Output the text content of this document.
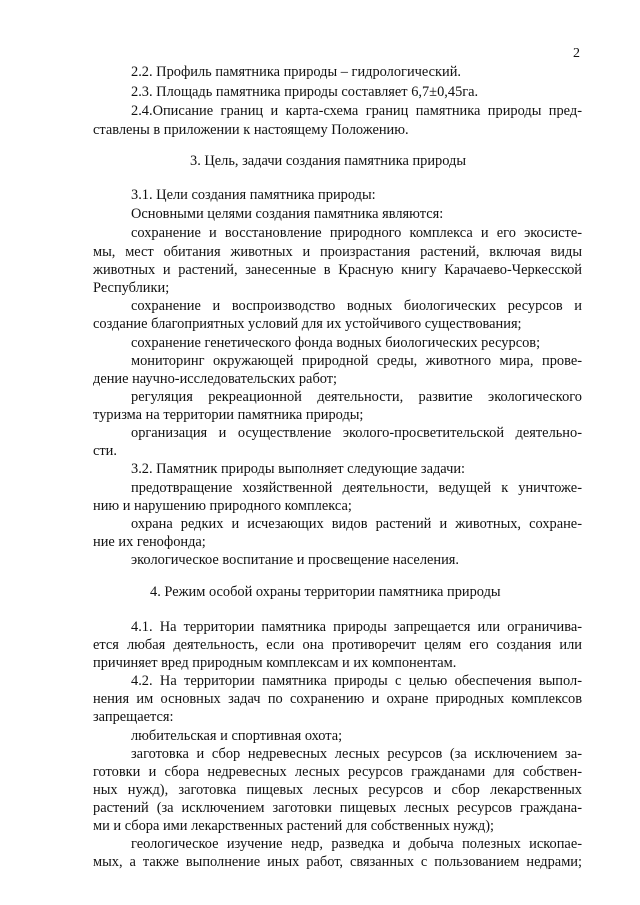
2

2.2. Профиль памятника природы – гидрологический.

2.3. Площадь памятника природы составляет 6,7±0,45га.

2.4.Описание границ и карта-схема границ памятника природы пред-

ставлены в приложении к настоящему Положению.

3. Цель, задачи создания памятника природы

3.1. Цели создания памятника природы:

Основными целями создания памятника являются:

сохранение и восстановление природного комплекса и его экосисте-

мы, мест обитания животных и произрастания растений, включая виды

животных и растений, занесенные в Красную книгу Карачаево-Черкесской

Республики;

сохранение и воспроизводство водных биологических ресурсов и

создание благоприятных условий для их устойчивого существования;

сохранение генетического фонда водных биологических ресурсов;

мониторинг окружающей природной среды, животного мира, прове-

дение научно-исследовательских работ;

регуляция рекреационной деятельности, развитие экологического

туризма на территории памятника природы;

организация и осуществление эколого-просветительской деятельно-

сти.

3.2. Памятник природы выполняет следующие задачи:

предотвращение хозяйственной деятельности, ведущей к уничтоже-

нию и нарушению природного комплекса;

охрана редких и исчезающих видов растений и животных, сохране-

ние их генофонда;

экологическое воспитание и просвещение населения.

4. Режим особой охраны территории памятника природы

4.1. На территории памятника природы запрещается или ограничива-

ется любая деятельность, если она противоречит целям его создания или

причиняет вред природным комплексам и их компонентам.

4.2. На территории памятника природы с целью обеспечения выпол-

нения им основных задач по сохранению и охране природных комплексов

запрещается:

любительская и спортивная охота;

заготовка и сбор недревесных лесных ресурсов (за исключением за-

готовки и сбора недревесных лесных ресурсов гражданами для собствен-

ных нужд), заготовка пищевых лесных ресурсов и сбор лекарственных

растений (за исключением заготовки пищевых лесных ресурсов граждана-

ми и сбора ими лекарственных растений для собственных нужд);

геологическое изучение недр, разведка и добыча полезных ископае-

мых, а также выполнение иных работ, связанных с пользованием недрами;
